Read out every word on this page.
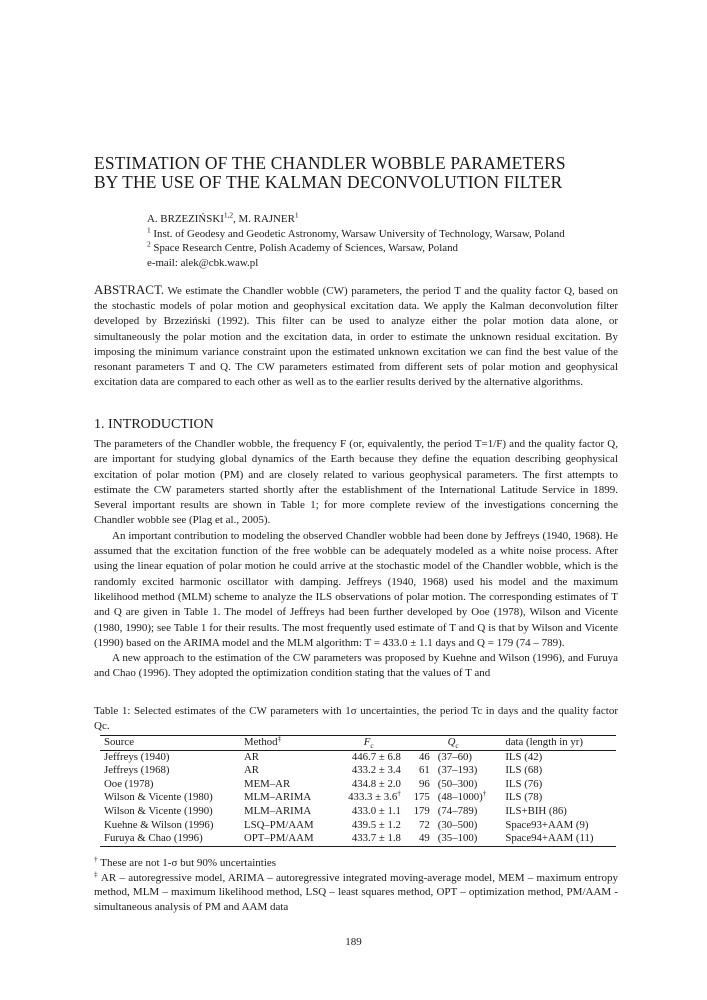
ESTIMATION OF THE CHANDLER WOBBLE PARAMETERS
BY THE USE OF THE KALMAN DECONVOLUTION FILTER
A. BRZEZIŃSKI$^{1,2}$, M. RAJNER$^1$
$^1$ Inst. of Geodesy and Geodetic Astronomy, Warsaw University of Technology, Warsaw, Poland
$^2$ Space Research Centre, Polish Academy of Sciences, Warsaw, Poland
e-mail: alek@cbk.waw.pl

ABSTRACT. We estimate the Chandler wobble (CW) parameters, the period T and the quality factor Q, based on the stochastic models of polar motion and geophysical excitation data. We apply the Kalman deconvolution filter developed by Brzeziński (1992). This filter can be used to analyze either the polar motion data alone, or simultaneously the polar motion and the excitation data, in order to estimate the unknown residual excitation. By imposing the minimum variance constraint upon the estimated unknown excitation we can find the best value of the resonant parameters T and Q. The CW parameters estimated from different sets of polar motion and geophysical excitation data are compared to each other as well as to the earlier results derived by the alternative algorithms.

1. INTRODUCTION

The parameters of the Chandler wobble, the frequency F (or, equivalently, the period T=1/F) and the quality factor Q, are important for studying global dynamics of the Earth because they define the equation describing geophysical excitation of polar motion (PM) and are closely related to various geophysical parameters. The first attempts to estimate the CW parameters started shortly after the establishment of the International Latitude Service in 1899. Several important results are shown in Table 1; for more complete review of the investigations concerning the Chandler wobble see (Plag et al., 2005).

An important contribution to modeling the observed Chandler wobble had been done by Jeffreys (1940, 1968). He assumed that the excitation function of the free wobble can be adequately modeled as a white noise process. After using the linear equation of polar motion he could arrive at the stochastic model of the Chandler wobble, which is the randomly excited harmonic oscillator with damping. Jeffreys (1940, 1968) used his model and the maximum likelihood method (MLM) scheme to analyze the ILS observations of polar motion. The corresponding estimates of T and Q are given in Table 1. The model of Jeffreys had been further developed by Ooe (1978), Wilson and Vicente (1980, 1990); see Table 1 for their results. The most frequently used estimate of T and Q is that by Wilson and Vicente (1990) based on the ARIMA model and the MLM algorithm: T = 433.0 ± 1.1 days and Q = 179 (74 – 789).

A new approach to the estimation of the CW parameters was proposed by Kuehne and Wilson (1996), and Furuya and Chao (1996). They adopted the optimization condition stating that the values of T and

Table 1: Selected estimates of the CW parameters with 1σ uncertainties, the period Tc in days and the quality factor Qc.
Source	Method‡	$F_c$	$Q_c$		data (length in yr)
Jeffreys (1940)	AR	446.7 ± 6.8	46	(37–60)	ILS (42)
Jeffreys (1968)	AR	433.2 ± 3.4	61	(37–193)	ILS (68)
Ooe (1978)	MEM–AR	434.8 ± 2.0	96	(50–300)	ILS (76)
Wilson & Vicente (1980)	MLM–ARIMA	433.3 ± 3.6†	175	(48–1000)†	ILS (78)
Wilson & Vicente (1990)	MLM–ARIMA	433.0 ± 1.1	179	(74–789)	ILS+BIH (86)
Kuehne & Wilson (1996)	LSQ–PM/AAM	439.5 ± 1.2	72	(30–500)	Space93+AAM (9)
Furuya & Chao (1996)	OPT–PM/AAM	433.7 ± 1.8	49	(35–100)	Space94+AAM (11)

† These are not 1-σ but 90% uncertainties

‡ AR – autoregressive model, ARIMA – autoregressive integrated moving-average model, MEM – maximum entropy method, MLM – maximum likelihood method, LSQ – least squares method, OPT – optimization method, PM/AAM - simultaneous analysis of PM and AAM data

189
